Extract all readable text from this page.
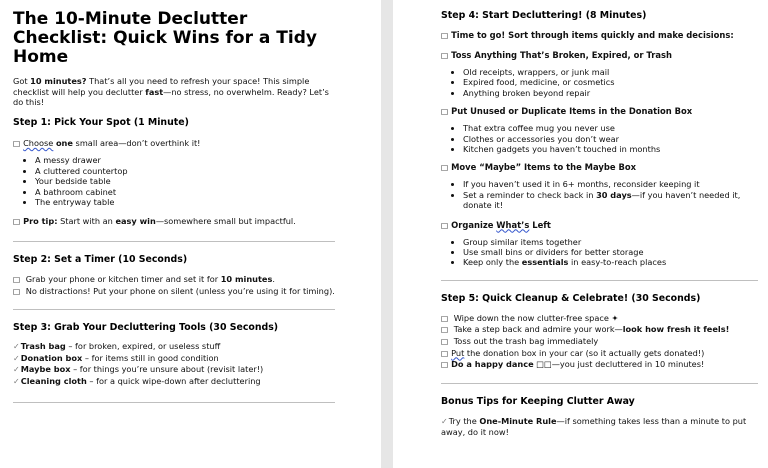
The 10-Minute Declutter Checklist: Quick Wins for a Tidy Home

Got 10 minutes? That’s all you need to refresh your space! This simple checklist will help you declutter fast—no stress, no overwhelm. Ready? Let’s do this!

Step 1: Pick Your Spot (1 Minute)

□ Choose one small area—don’t overthink it!

• A messy drawer
• A cluttered countertop
• Your bedside table
• A bathroom cabinet
• The entryway table

□ Pro tip: Start with an easy win—somewhere small but impactful.

Step 2: Set a Timer (10 Seconds)

□ Grab your phone or kitchen timer and set it for 10 minutes.

□ No distractions! Put your phone on silent (unless you’re using it for timing).

Step 3: Grab Your Decluttering Tools (30 Seconds)

✓Trash bag – for broken, expired, or useless stuff

✓Donation box – for items still in good condition

✓Maybe box – for things you’re unsure about (revisit later!)

✓Cleaning cloth – for a quick wipe-down after decluttering

Step 4: Start Decluttering! (8 Minutes)

□ Time to go! Sort through items quickly and make decisions:

□ Toss Anything That’s Broken, Expired, or Trash

• Old receipts, wrappers, or junk mail
• Expired food, medicine, or cosmetics
• Anything broken beyond repair

□ Put Unused or Duplicate Items in the Donation Box

• That extra coffee mug you never use
• Clothes or accessories you don’t wear
• Kitchen gadgets you haven’t touched in months

□ Move “Maybe” Items to the Maybe Box

• If you haven’t used it in 6+ months, reconsider keeping it
• Set a reminder to check back in 30 days—if you haven’t needed it, donate it!

□ Organize What’s Left

• Group similar items together
• Use small bins or dividers for better storage
• Keep only the essentials in easy-to-reach places
Step 5: Quick Cleanup & Celebrate! (30 Seconds)

□ Wipe down the now clutter-free space ✦

□ Take a step back and admire your work—look how fresh it feels!

□ Toss out the trash bag immediately

□ Put the donation box in your car (so it actually gets donated!)

□ Do a happy dance □□—you just decluttered in 10 minutes!

Bonus Tips for Keeping Clutter Away

✓Try the One-Minute Rule—if something takes less than a minute to put away, do it now!
